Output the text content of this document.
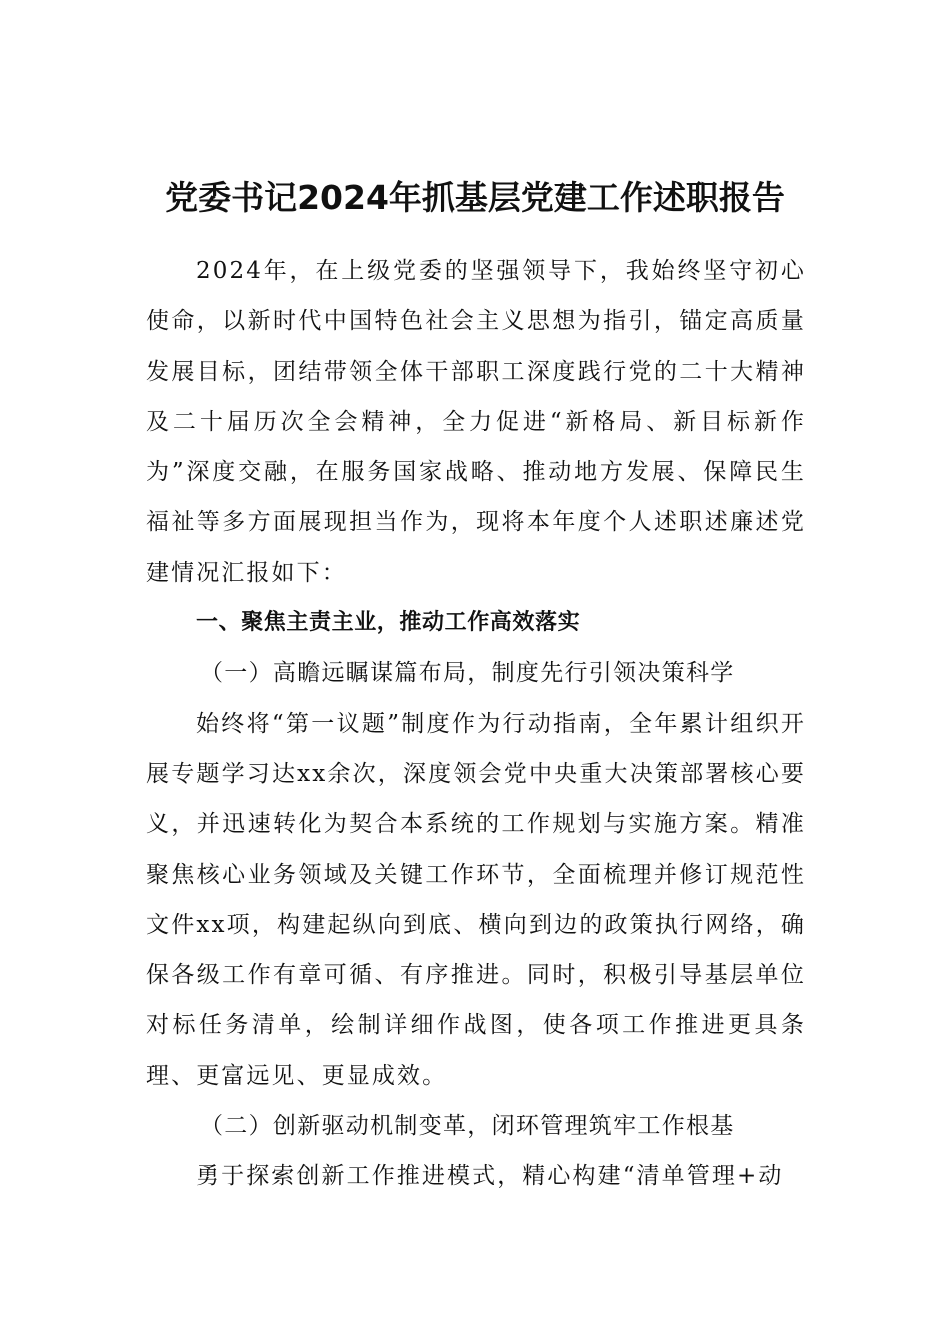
党委书记2024年抓基层党建工作述职报告

2024年，在上级党委的坚强领导下，我始终坚守初心使命，以新时代中国特色社会主义思想为指引，锚定高质量发展目标，团结带领全体干部职工深度践行党的二十大精神及二十届历次全会精神，全力促进“新格局、新目标新作为”深度交融，在服务国家战略、推动地方发展、保障民生福祉等多方面展现担当作为，现将本年度个人述职述廉述党建情况汇报如下：

一、聚焦主责主业，推动工作高效落实

（一）高瞻远瞩谋篇布局，制度先行引领决策科学

始终将“第一议题”制度作为行动指南，全年累计组织开展专题学习达xx余次，深度领会党中央重大决策部署核心要义，并迅速转化为契合本系统的工作规划与实施方案。精准聚焦核心业务领域及关键工作环节，全面梳理并修订规范性文件xx项，构建起纵向到底、横向到边的政策执行网络，确保各级工作有章可循、有序推进。同时，积极引导基层单位对标任务清单，绘制详细作战图，使各项工作推进更具条理、更富远见、更显成效。

（二）创新驱动机制变革，闭环管理筑牢工作根基

勇于探索创新工作推进模式，精心构建“清单管理+动
